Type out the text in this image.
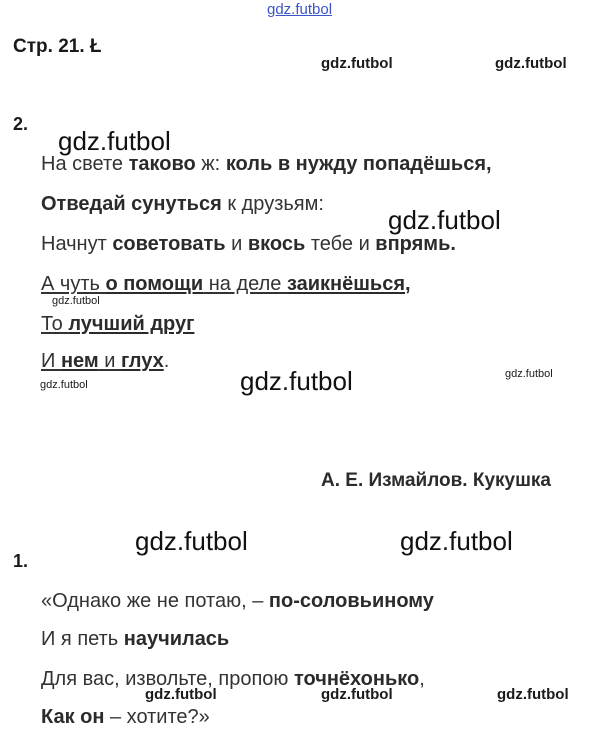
gdz.futbol
gdz.futbol	gdz.futbol
gdz.futbol
gdz.futbol
gdz.futbol
gdz.futbol	gdz.futbol	gdz.futbol
gdz.futbol	gdz.futbol
gdz.futbol	gdz.futbol	gdz.futbol
Стр. 21. Ł
2.
На свете таково ж: коль в нужду попадёшься,
Отведай сунуться к друзьям:
Начнут советовать и вкось тебе и впрямь.
А чуть о помощи на деле заикнёшься,
То лучший друг
И нем и глух.
А. Е. Измайлов. Кукушка
1.
«Однако же не потаю, – по-соловьиному
И я петь научилась
Для вас, извольте, пропою точнёхонько,
Как он – хотите?»
